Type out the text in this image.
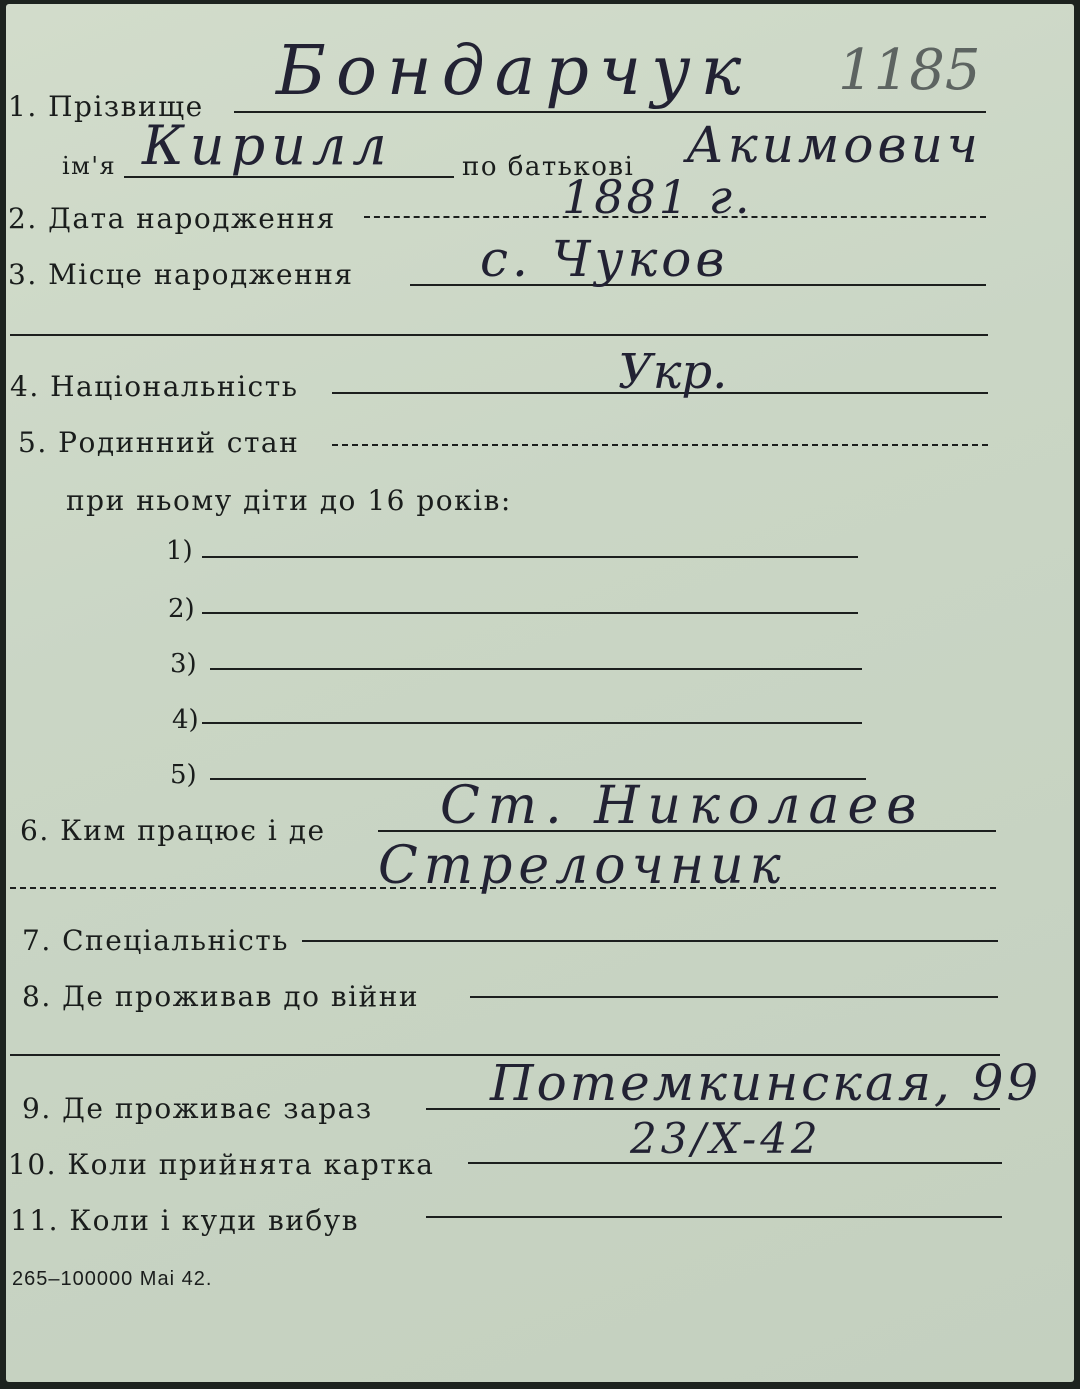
1185
1. Прізвище Бондарчук
ім'я Кирилл	по батькові Акимович
2. Дата народження	1881 г.
3. Місце народження	с. Чуков
4. Національність	Укр.
5. Родинний стан
при ньому діти до 16 років:
1)
2)
3)
4)
5)
6. Ким працює і де Ст. Николаев
Стрелочник
7. Спеціальність
8. Де проживав до війни
9. Де проживає зараз Потемкинская, 99
10. Коли прийнята картка
23/X-42
11. Коли і куди вибув
265–100000 Mai 42.
